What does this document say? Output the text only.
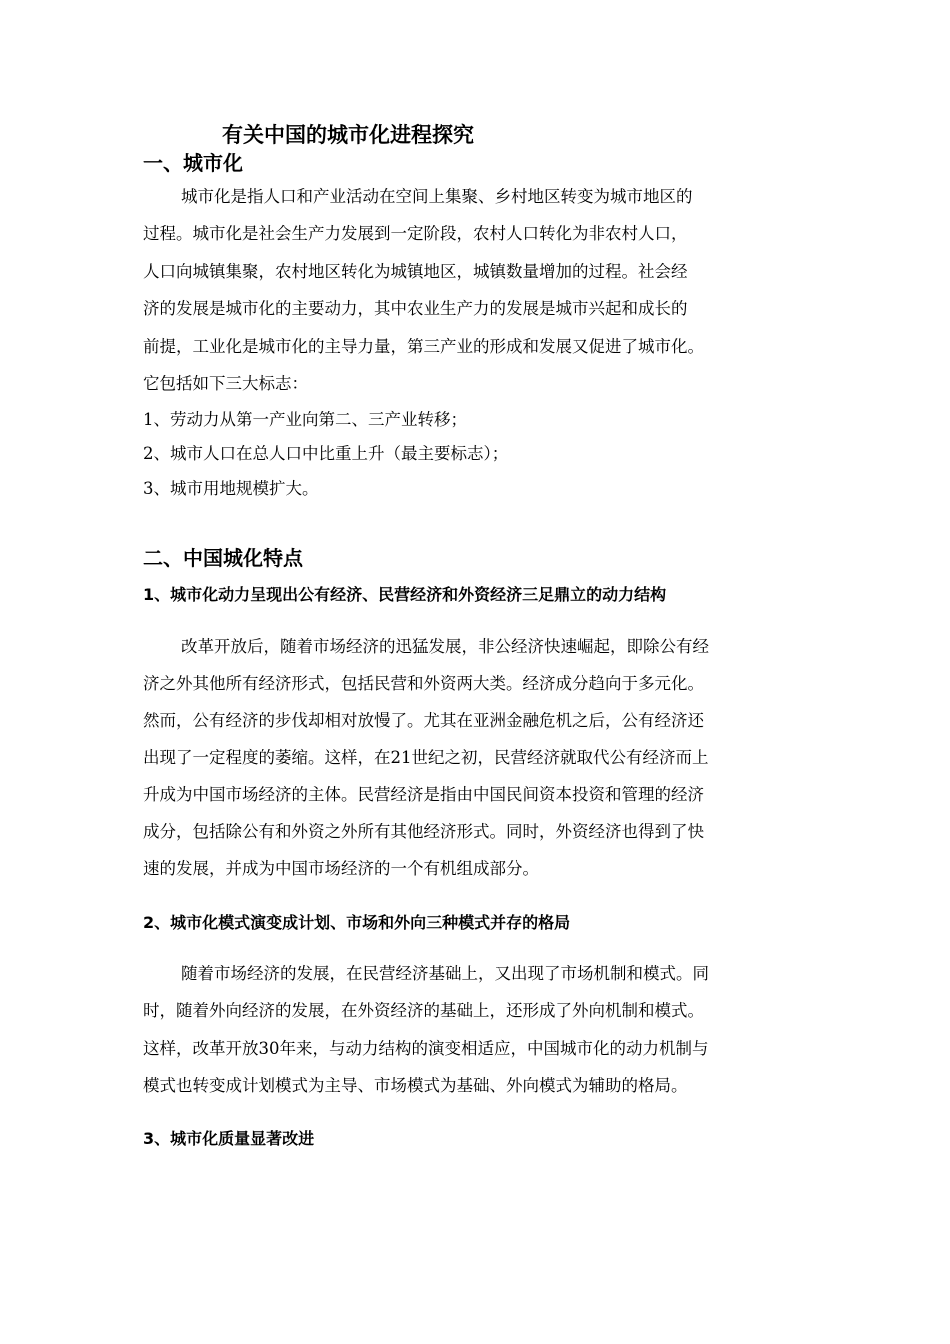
有关中国的城市化进程探究
一、城市化
城市化是指人口和产业活动在空间上集聚、乡村地区转变为城市地区的
过程。城市化是社会生产力发展到一定阶段，农村人口转化为非农村人口，
人口向城镇集聚，农村地区转化为城镇地区，城镇数量增加的过程。社会经
济的发展是城市化的主要动力，其中农业生产力的发展是城市兴起和成长的
前提，工业化是城市化的主导力量，第三产业的形成和发展又促进了城市化。
它包括如下三大标志：
1、劳动力从第一产业向第二、三产业转移；
2、城市人口在总人口中比重上升（最主要标志）；
3、城市用地规模扩大。
二、中国城化特点
1、城市化动力呈现出公有经济、民营经济和外资经济三足鼎立的动力结构
改革开放后，随着市场经济的迅猛发展，非公经济快速崛起，即除公有经
济之外其他所有经济形式，包括民营和外资两大类。经济成分趋向于多元化。
然而，公有经济的步伐却相对放慢了。尤其在亚洲金融危机之后，公有经济还
出现了一定程度的萎缩。这样，在21世纪之初，民营经济就取代公有经济而上
升成为中国市场经济的主体。民营经济是指由中国民间资本投资和管理的经济
成分，包括除公有和外资之外所有其他经济形式。同时，外资经济也得到了快
速的发展，并成为中国市场经济的一个有机组成部分。
2、城市化模式演变成计划、市场和外向三种模式并存的格局
随着市场经济的发展，在民营经济基础上，又出现了市场机制和模式。同
时，随着外向经济的发展，在外资经济的基础上，还形成了外向机制和模式。
这样，改革开放30年来，与动力结构的演变相适应，中国城市化的动力机制与
模式也转变成计划模式为主导、市场模式为基础、外向模式为辅助的格局。
3、城市化质量显著改进
